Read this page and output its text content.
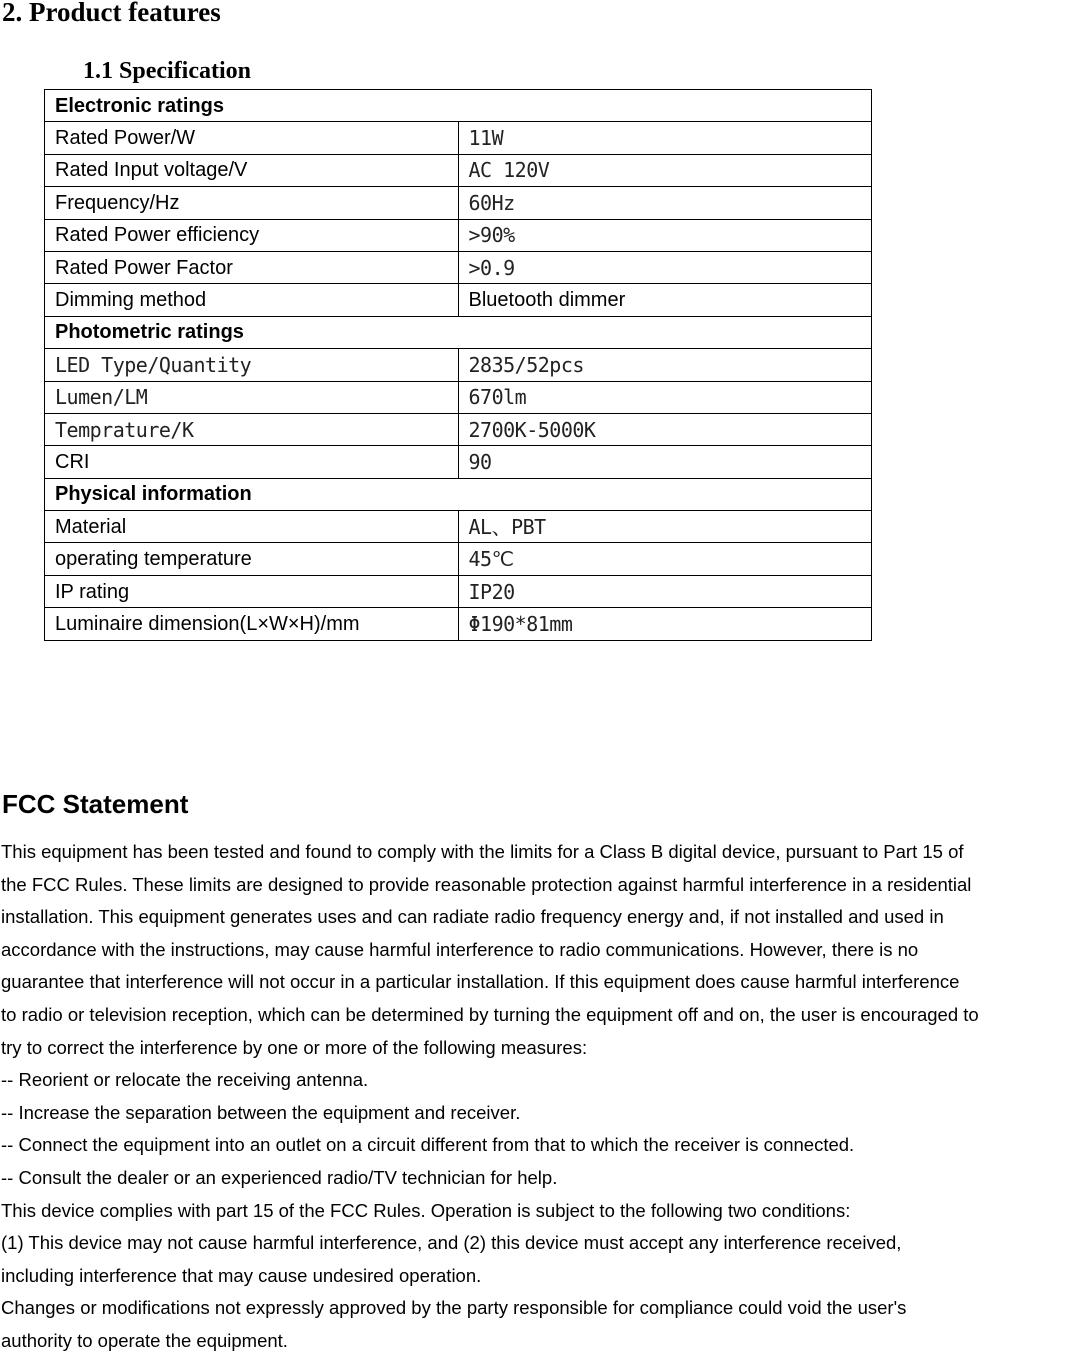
2. Product features
1.1 Specification
Electronic ratings	
Rated Power/W	11W
Rated Input voltage/V	AC 120V
Frequency/Hz	60Hz
Rated Power efficiency	>90%
Rated Power Factor	>0.9
Dimming method	Bluetooth dimmer
Photometric ratings	
LED Type/Quantity	2835/52pcs
Lumen/LM	670lm
Temprature/K	2700K-5000K
CRI	90
Physical information	
Material	AL、PBT
operating temperature	45℃
IP rating	IP20
Luminaire dimension(L×W×H)/mm	Φ190*81mm
FCC Statement
This equipment has been tested and found to comply with the limits for a Class B digital device, pursuant to Part 15 of
the FCC Rules. These limits are designed to provide reasonable protection against harmful interference in a residential
installation. This equipment generates uses and can radiate radio frequency energy and, if not installed and used in
accordance with the instructions, may cause harmful interference to radio communications. However, there is no
guarantee that interference will not occur in a particular installation. If this equipment does cause harmful interference
to radio or television reception, which can be determined by turning the equipment off and on, the user is encouraged to
try to correct the interference by one or more of the following measures:
-- Reorient or relocate the receiving antenna.
-- Increase the separation between the equipment and receiver.
-- Connect the equipment into an outlet on a circuit different from that to which the receiver is connected.
-- Consult the dealer or an experienced radio/TV technician for help.
This device complies with part 15 of the FCC Rules. Operation is subject to the following two conditions:
(1) This device may not cause harmful interference, and (2) this device must accept any interference received,
including interference that may cause undesired operation.
Changes or modifications not expressly approved by the party responsible for compliance could void the user's
authority to operate the equipment.
